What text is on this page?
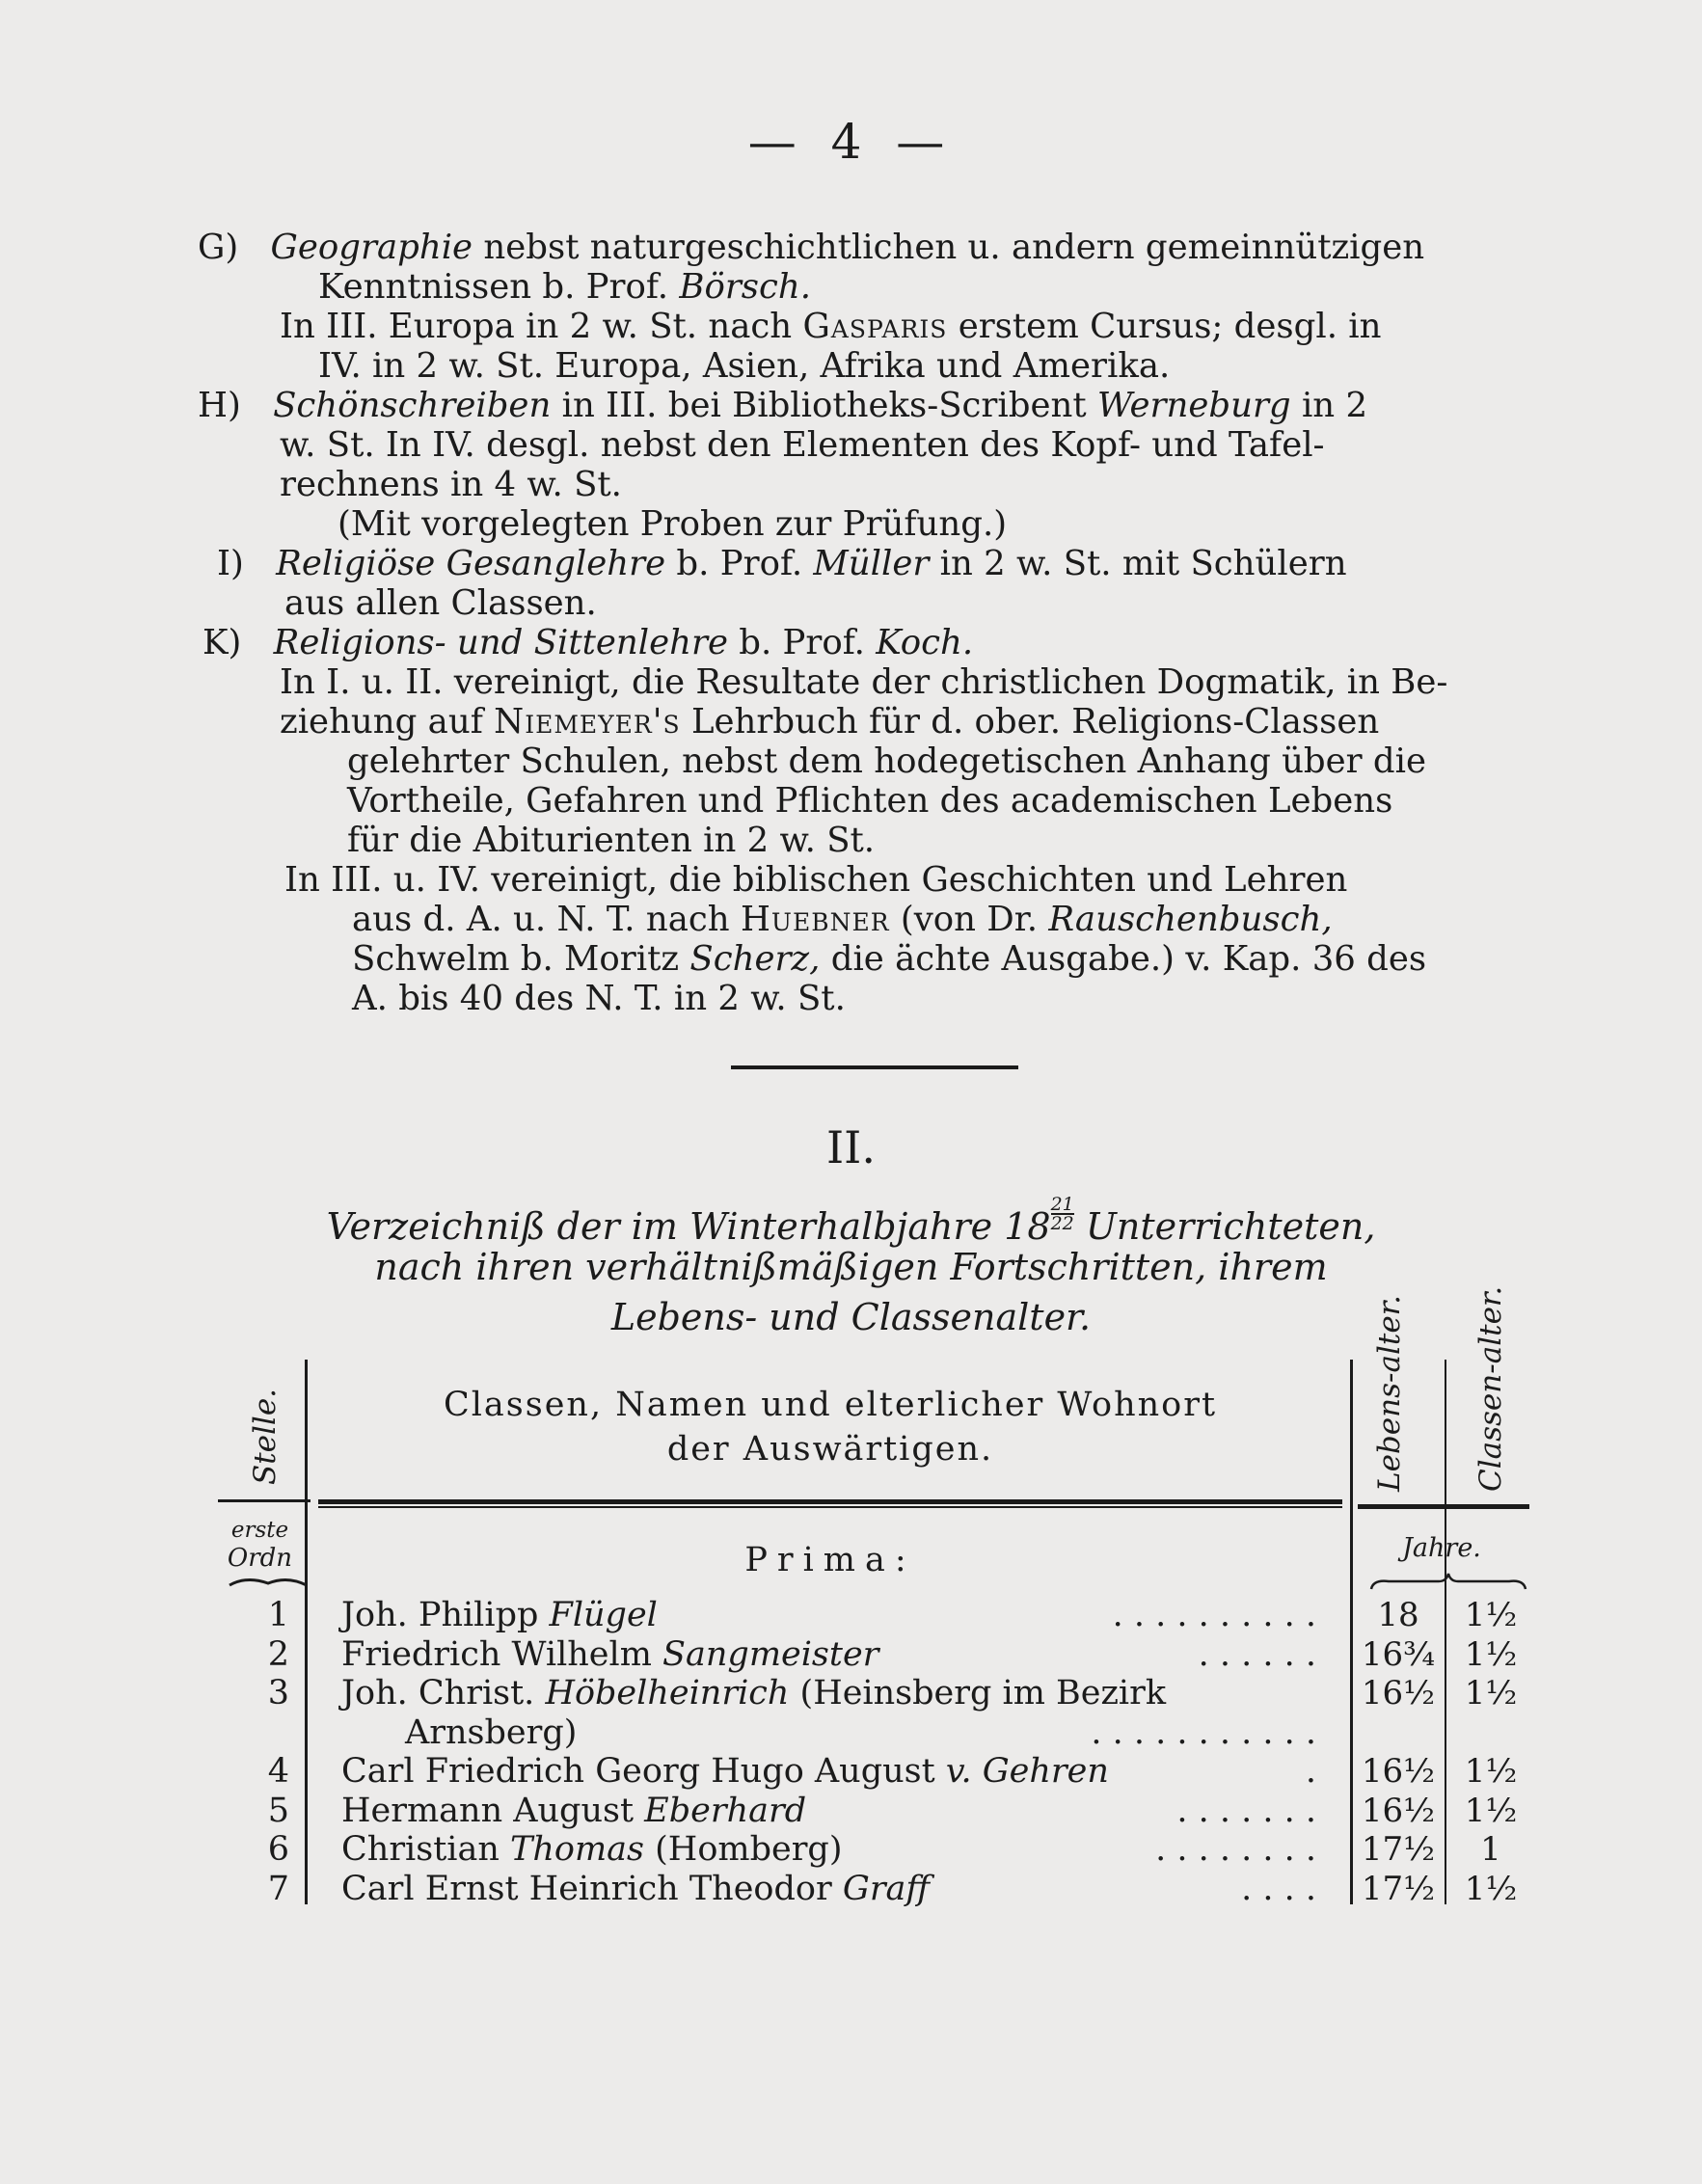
— 4 —
G) Geographie nebst naturgeschichtlichen u. andern gemeinnützigen
Kenntnissen b. Prof. Börsch.
In III. Europa in 2 w. St. nach Gasparis erstem Cursus; desgl. in
IV. in 2 w. St. Europa, Asien, Afrika und Amerika.
H) Schönschreiben in III. bei Bibliotheks-Scribent Werneburg in 2
w. St. In IV. desgl. nebst den Elementen des Kopf- und Tafel-
rechnens in 4 w. St.
(Mit vorgelegten Proben zur Prüfung.)
I) Religiöse Gesanglehre b. Prof. Müller in 2 w. St. mit Schülern
aus allen Classen.
K) Religions- und Sittenlehre b. Prof. Koch.
In I. u. II. vereinigt, die Resultate der christlichen Dogmatik, in Be-
ziehung auf Niemeyer's Lehrbuch für d. ober. Religions-Classen
gelehrter Schulen, nebst dem hodegetischen Anhang über die
Vortheile, Gefahren und Pflichten des academischen Lebens
für die Abiturienten in 2 w. St.
In III. u. IV. vereinigt, die biblischen Geschichten und Lehren
aus d. A. u. N. T. nach Huebner (von Dr. Rauschenbusch,
Schwelm b. Moritz Scherz, die ächte Ausgabe.) v. Kap. 36 des
A. bis 40 des N. T. in 2 w. St.
II.
Verzeichniß der im Winterhalbjahre $18 \frac{21}{22}$ Unterrichteten,
nach ihren verhältnißmäßigen Fortschritten, ihrem
Lebens- und Classenalter.
Stelle.	Lebens-alter. Classen-alter.
Classen, Namen und elterlicher Wohnort
der Auswärtigen.
erste
Ordn	Prima:	Jahre.
1 Joh. Philipp Flügel	. . . . . . . . . .	18	1½
2 Friedrich Wilhelm Sangmeister	. . . . . . 16¾ 1½
3 Joh. Christ. Höbelheinrich (Heinsberg im Bezirk	16½ 1½
Arnsberg)	. . . . . . . . . . .
4 Carl Friedrich Georg Hugo August v. Gehren	. 16½ 1½
5 Hermann August Eberhard	. . . . . . . 16½ 1½
6 Christian Thomas (Homberg)	. . . . . . . . 17½	1
7 Carl Ernst Heinrich Theodor Graff	. . . . 17½ 1½
